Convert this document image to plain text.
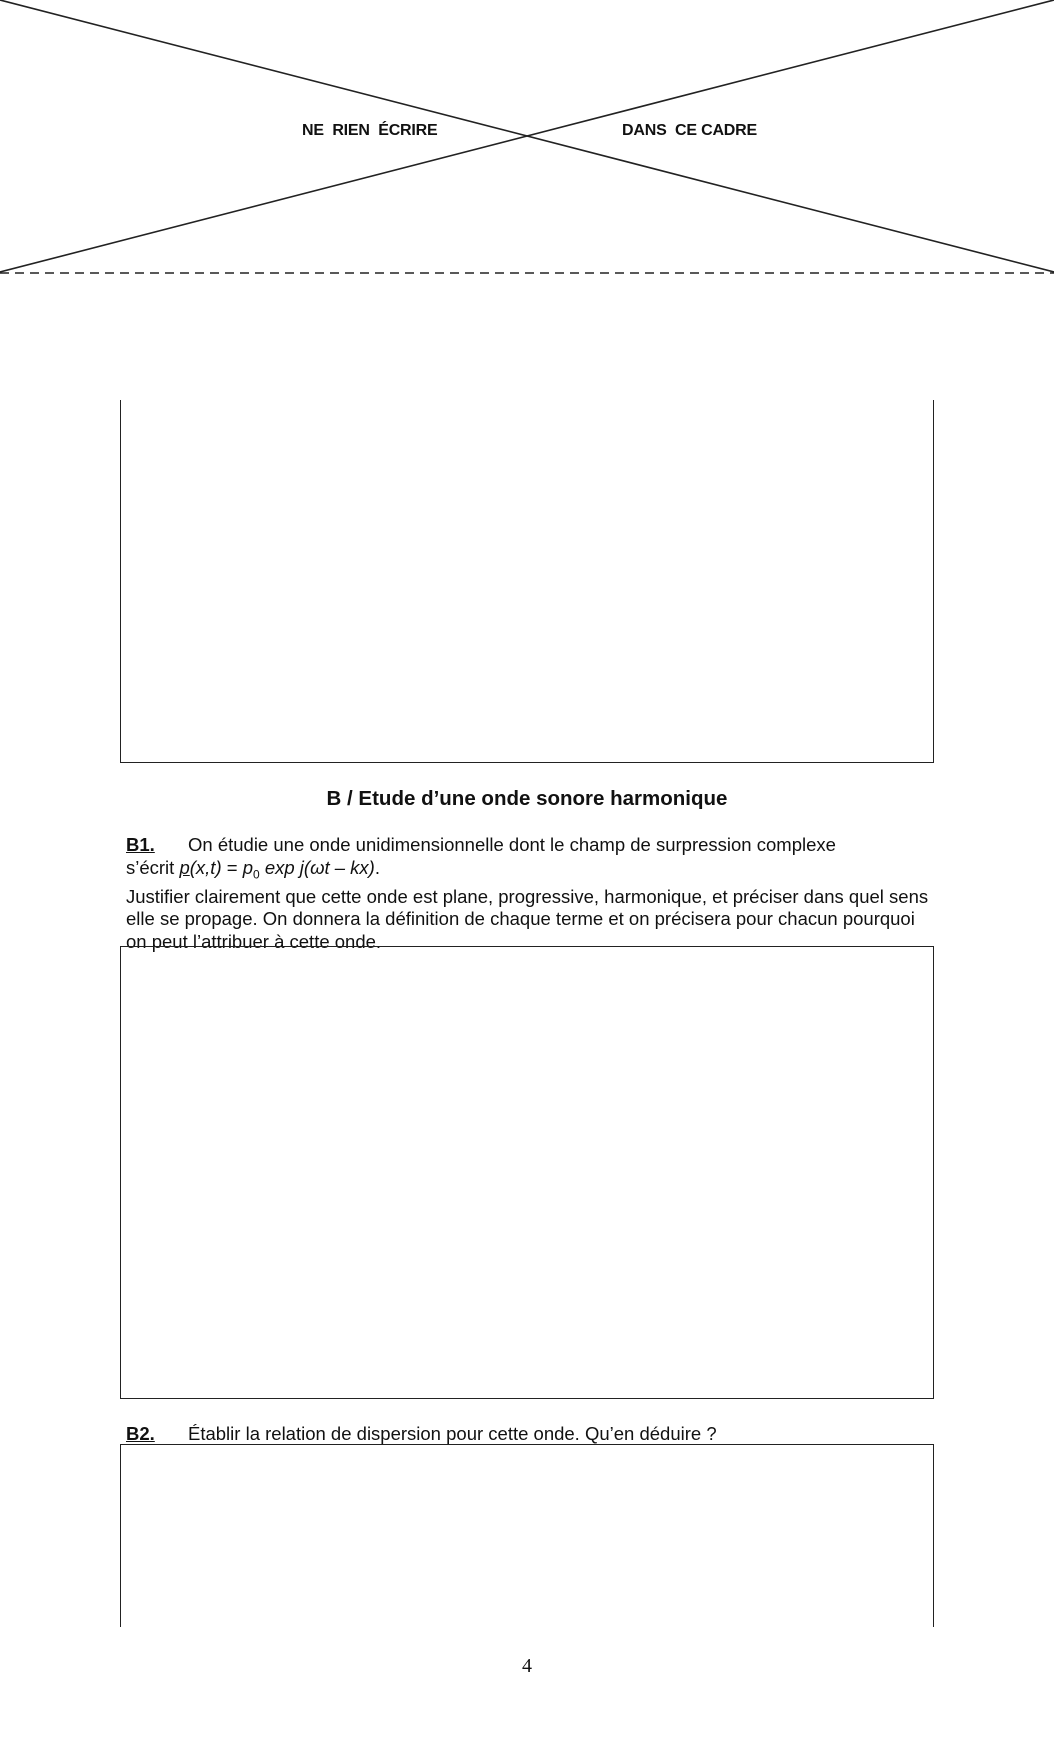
NE  RIEN  ÉCRIRE	DANS  CE CADRE
B / Etude d’une onde sonore harmonique
B1. On étudie une onde unidimensionnelle dont le champ de surpression complexe
s’écrit $p(x,t) = p_0$ exp j(ωt – kx).
Justifier clairement que cette onde est plane, progressive, harmonique, et préciser dans quel sens elle se propage. On donnera la définition de chaque terme et on précisera pour chacun pourquoi on peut l’attribuer à cette onde.
B2. Établir la relation de dispersion pour cette onde. Qu’en déduire ?
4
